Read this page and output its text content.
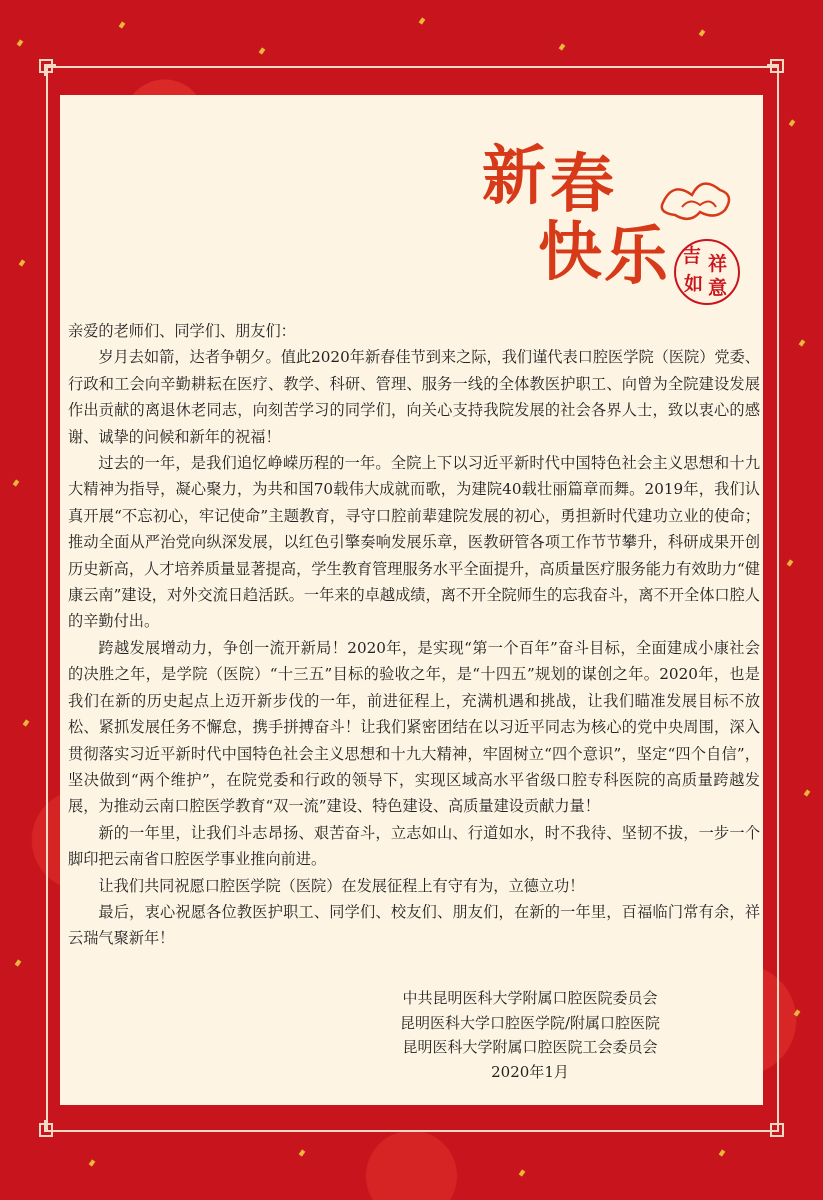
新 春
快 乐 吉 祥
如 意

亲爱的老师们、同学们、朋友们：

岁月去如箭，达者争朝夕。值此2020年新春佳节到来之际，我们谨代表口腔医学院（医院）党委、行政和工会向辛勤耕耘在医疗、教学、科研、管理、服务一线的全体教医护职工、向曾为全院建设发展作出贡献的离退休老同志，向刻苦学习的同学们，向关心支持我院发展的社会各界人士，致以衷心的感谢、诚挚的问候和新年的祝福！

过去的一年，是我们追忆峥嵘历程的一年。全院上下以习近平新时代中国特色社会主义思想和十九大精神为指导，凝心聚力，为共和国70载伟大成就而歌，为建院40载壮丽篇章而舞。2019年，我们认真开展“不忘初心，牢记使命”主题教育，寻守口腔前辈建院发展的初心，勇担新时代建功立业的使命；推动全面从严治党向纵深发展，以红色引擎奏响发展乐章，医教研管各项工作节节攀升，科研成果开创历史新高，人才培养质量显著提高，学生教育管理服务水平全面提升，高质量医疗服务能力有效助力“健康云南”建设，对外交流日趋活跃。一年来的卓越成绩，离不开全院师生的忘我奋斗，离不开全体口腔人的辛勤付出。

跨越发展增动力，争创一流开新局！2020年，是实现“第一个百年”奋斗目标，全面建成小康社会的决胜之年，是学院（医院）“十三五”目标的验收之年，是“十四五”规划的谋创之年。2020年，也是我们在新的历史起点上迈开新步伐的一年，前进征程上，充满机遇和挑战，让我们瞄准发展目标不放松、紧抓发展任务不懈怠，携手拼搏奋斗！让我们紧密团结在以习近平同志为核心的党中央周围，深入贯彻落实习近平新时代中国特色社会主义思想和十九大精神，牢固树立“四个意识”，坚定“四个自信”，坚决做到“两个维护”，在院党委和行政的领导下，实现区域高水平省级口腔专科医院的高质量跨越发展，为推动云南口腔医学教育“双一流”建设、特色建设、高质量建设贡献力量！

新的一年里，让我们斗志昂扬、艰苦奋斗，立志如山、行道如水，时不我待、坚韧不拔，一步一个脚印把云南省口腔医学事业推向前进。

让我们共同祝愿口腔医学院（医院）在发展征程上有守有为，立德立功！

最后，衷心祝愿各位教医护职工、同学们、校友们、朋友们，在新的一年里，百福临门常有余，祥云瑞气聚新年！

中共昆明医科大学附属口腔医院委员会
昆明医科大学口腔医学院/附属口腔医院
昆明医科大学附属口腔医院工会委员会
2020年1月
